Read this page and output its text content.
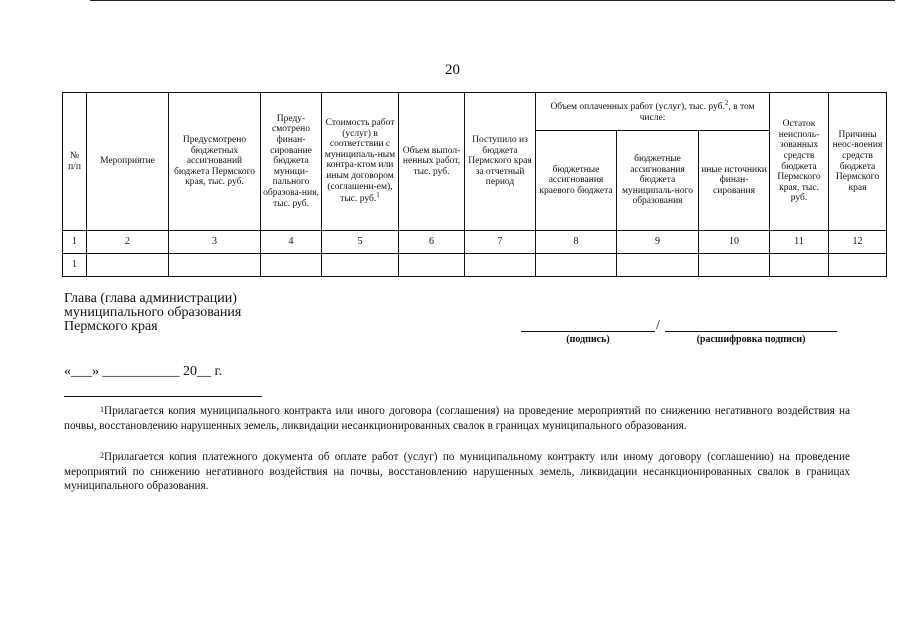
20
№ п/п	Мероприятие	Предусмотрено бюджетных ассигнований бюджета Пермского края, тыс. руб.	Преду-смотрено финан-сирование бюджета муници-пального образова-ния, тыс. руб.	Стоимость работ (услуг) в соответствии с муниципаль-ным контра-ктом или иным договором (соглашени-ем), тыс. руб.$^1$	Объем выпол-ненных работ, тыс. руб.	Поступило из бюджета Пермского края за отчетный период	Объем оплаченных работ (услуг), тыс. руб.$^2$, в том числе:			Остаток неисполь-зованных средств бюджета Пермского края, тыс. руб.	Причины неос-воения средств бюджета Пермского края
							бюджетные ассигнования краевого бюджета	бюджетные ассигнования бюджета муниципаль-ного образования	иные источники финан-сирования		
1	2	3	4	5	6	7	8	9	10	11	12
1											
Глава (глава администрации)
муниципального образования
Пермского края	/
(подпись)	(расшифровка подписи)
«___» ___________ 20__ г.
$^1$Прилагается копия муниципального контракта или иного договора (соглашения) на проведение мероприятий по снижению негативного воздействия на почвы, восстановлению нарушенных земель, ликвидации несанкционированных свалок в границах муниципального образования.
$^2$Прилагается копия платежного документа об оплате работ (услуг) по муниципальному контракту или иному договору (соглашению) на проведение мероприятий по снижению негативного воздействия на почвы, восстановлению нарушенных земель, ликвидации несанкционированных свалок в границах муниципального образования.
